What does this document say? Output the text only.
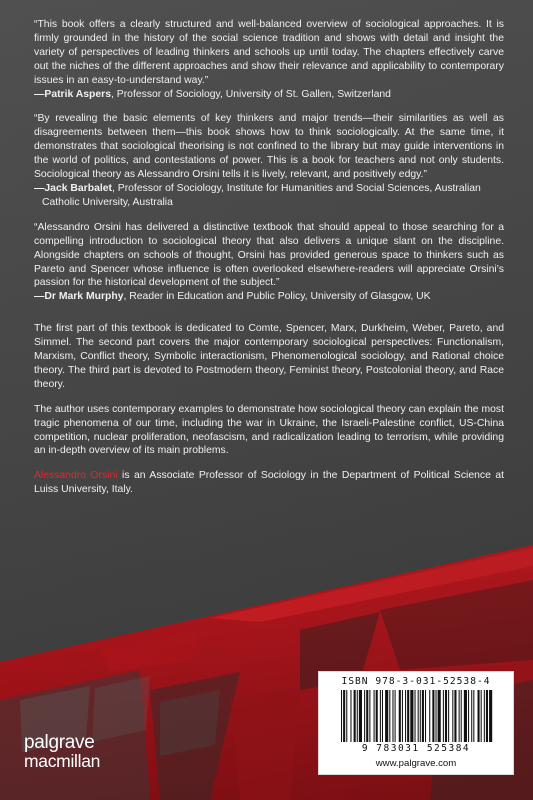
“This book offers a clearly structured and well-balanced overview of sociological approaches. It is firmly grounded in the history of the social science tradition and shows with detail and insight the variety of perspectives of leading thinkers and schools up until today. The chapters effectively carve out the niches of the different approaches and show their relevance and applicability to contemporary issues in an easy-to-understand way.”
—Patrik Aspers, Professor of Sociology, University of St. Gallen, Switzerland

“By revealing the basic elements of key thinkers and major trends—their similarities as well as disagreements between them—this book shows how to think sociologically. At the same time, it demonstrates that sociological theorising is not confined to the library but may guide interventions in the world of politics, and contestations of power. This is a book for teachers and not only students. Sociological theory as Alessandro Orsini tells it is lively, relevant, and positively edgy.”
—Jack Barbalet, Professor of Sociology, Institute for Humanities and Social Sciences, Australian
Catholic University, Australia

“Alessandro Orsini has delivered a distinctive textbook that should appeal to those searching for a compelling introduction to sociological theory that also delivers a unique slant on the discipline. Alongside chapters on schools of thought, Orsini has provided generous space to thinkers such as Pareto and Spencer whose influence is often overlooked elsewhere-readers will appreciate Orsini’s passion for the historical development of the subject.”
—Dr Mark Murphy, Reader in Education and Public Policy, University of Glasgow, UK

The first part of this textbook is dedicated to Comte, Spencer, Marx, Durkheim, Weber, Pareto, and Simmel. The second part covers the major contemporary sociological perspectives: Functionalism, Marxism, Conflict theory, Symbolic interactionism, Phenomenological sociology, and Rational choice theory. The third part is devoted to Postmodern theory, Feminist theory, Postcolonial theory, and Race theory.

The author uses contemporary examples to demonstrate how sociological theory can explain the most tragic phenomena of our time, including the war in Ukraine, the Israeli-Palestine conflict, US-China competition, nuclear proliferation, neofascism, and radicalization leading to terrorism, while providing an in-depth overview of its main problems.

Alessandro Orsini is an Associate Professor of Sociology in the Department of Political Science at Luiss University, Italy.

ISBN 978-3-031-52538-4
9 783031 525384
www.palgrave.com
palgrave
macmillan
